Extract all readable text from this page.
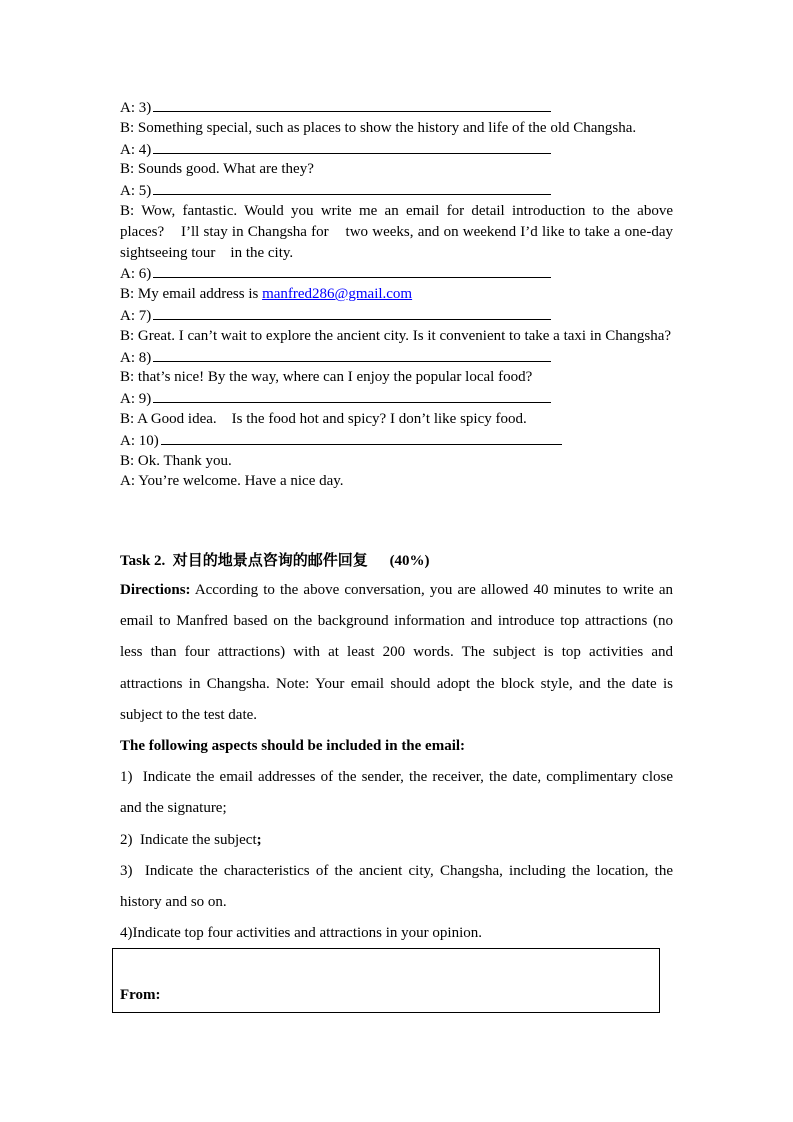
A: 3)
B: Something special, such as places to show the history and life of the old Changsha.
A: 4)
B: Sounds good. What are they?
A: 5)
B: Wow, fantastic. Would you write me an email for detail introduction to the above places?    I’ll stay in Changsha for    two weeks, and on weekend I’d like to take a one-day sightseeing tour    in the city.
A: 6)
B: My email address is manfred286@gmail.com
A: 7)
B: Great. I can’t wait to explore the ancient city. Is it convenient to take a taxi in Changsha?
A: 8)
B: that’s nice! By the way, where can I enjoy the popular local food?
A: 9)
B: A Good idea.    Is the food hot and spicy? I don’t like spicy food.
A: 10)
B: Ok. Thank you.
A: You’re welcome. Have a nice day.
Task 2.  对目的地景点咨询的邮件回复 (40%)

Directions: According to the above conversation, you are allowed 40 minutes to write an email to Manfred based on the background information and introduce top attractions (no less than four attractions) with at least 200 words. The subject is top activities and attractions in Changsha. Note: Your email should adopt the block style, and the date is subject to the test date.

The following aspects should be included in the email:

1)  Indicate the email addresses of the sender, the receiver, the date, complimentary close and the signature;

2)  Indicate the subject;

3)  Indicate the characteristics of the ancient city, Changsha, including the location, the history and so on.

4)Indicate top four activities and attractions in your opinion.

From:
